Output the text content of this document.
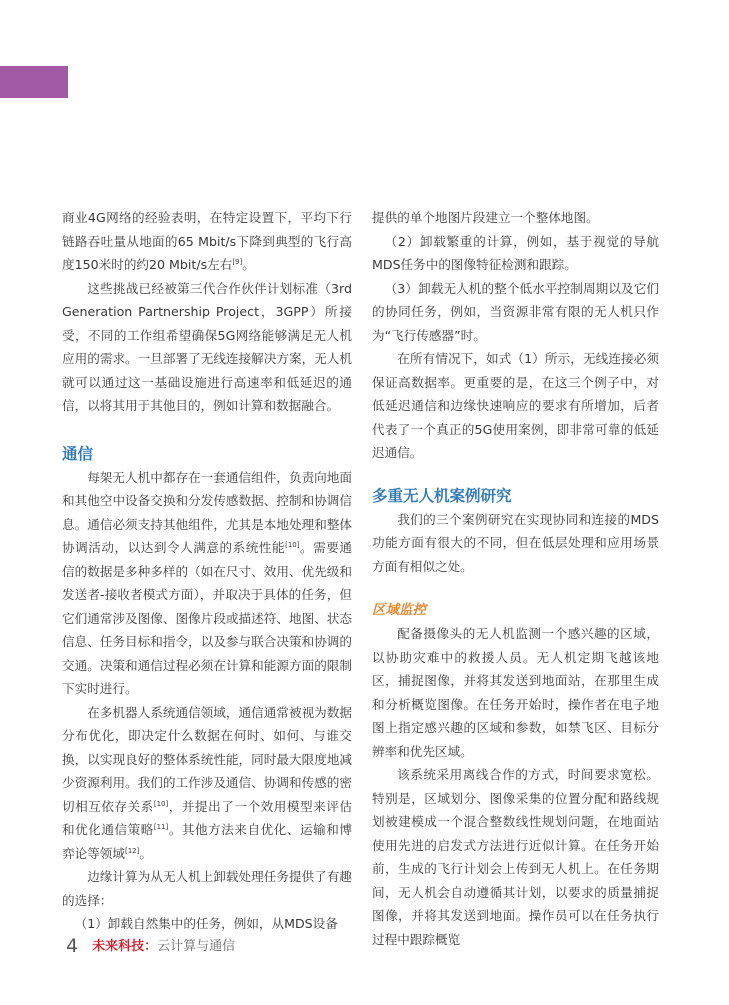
商业4G网络的经验表明，在特定设置下，平均下行链路吞吐量从地面的65 Mbit/s下降到典型的飞行高度150米时的约20 Mbit/s左右[9]。

这些挑战已经被第三代合作伙伴计划标准（3rd Generation Partnership Project，3GPP）所接受，不同的工作组希望确保5G网络能够满足无人机应用的需求。一旦部署了无线连接解决方案，无人机就可以通过这一基础设施进行高速率和低延迟的通信，以将其用于其他目的，例如计算和数据融合。

通信

每架无人机中都存在一套通信组件，负责向地面和其他空中设备交换和分发传感数据、控制和协调信息。通信必须支持其他组件，尤其是本地处理和整体协调活动，以达到令人满意的系统性能[10]。需要通信的数据是多种多样的（如在尺寸、效用、优先级和发送者-接收者模式方面），并取决于具体的任务，但它们通常涉及图像、图像片段或描述符、地图、状态信息、任务目标和指令，以及参与联合决策和协调的交通。决策和通信过程必须在计算和能源方面的限制下实时进行。

在多机器人系统通信领域，通信通常被视为数据分布优化，即决定什么数据在何时、如何、与谁交换，以实现良好的整体系统性能，同时最大限度地减少资源利用。我们的工作涉及通信、协调和传感的密切相互依存关系[10]，并提出了一个效用模型来评估和优化通信策略[11]。其他方法来自优化、运输和博弈论等领域[12]。

边缘计算为从无人机上卸载处理任务提供了有趣的选择：

（1）卸载自然集中的任务，例如，从MDS设备

提供的单个地图片段建立一个整体地图。

（2）卸载繁重的计算，例如，基于视觉的导航MDS任务中的图像特征检测和跟踪。

（3）卸载无人机的整个低水平控制周期以及它们的协同任务，例如，当资源非常有限的无人机只作为“飞行传感器”时。

在所有情况下，如式（1）所示，无线连接必须保证高数据率。更重要的是，在这三个例子中，对低延迟通信和边缘快速响应的要求有所增加，后者代表了一个真正的5G使用案例，即非常可靠的低延迟通信。

多重无人机案例研究

我们的三个案例研究在实现协同和连接的MDS功能方面有很大的不同，但在低层处理和应用场景方面有相似之处。

区域监控

配备摄像头的无人机监测一个感兴趣的区域，以协助灾难中的救援人员。无人机定期飞越该地区，捕捉图像，并将其发送到地面站，在那里生成和分析概览图像。在任务开始时，操作者在电子地图上指定感兴趣的区域和参数，如禁飞区、目标分辨率和优先区域。

该系统采用离线合作的方式，时间要求宽松。特别是，区域划分、图像采集的位置分配和路线规划被建模成一个混合整数线性规划问题，在地面站使用先进的启发式方法进行近似计算。在任务开始前，生成的飞行计划会上传到无人机上。在任务期间，无人机会自动遵循其计划，以要求的质量捕捉图像，并将其发送到地面。操作员可以在任务执行过程中跟踪概览

4 未来科技：云计算与通信
